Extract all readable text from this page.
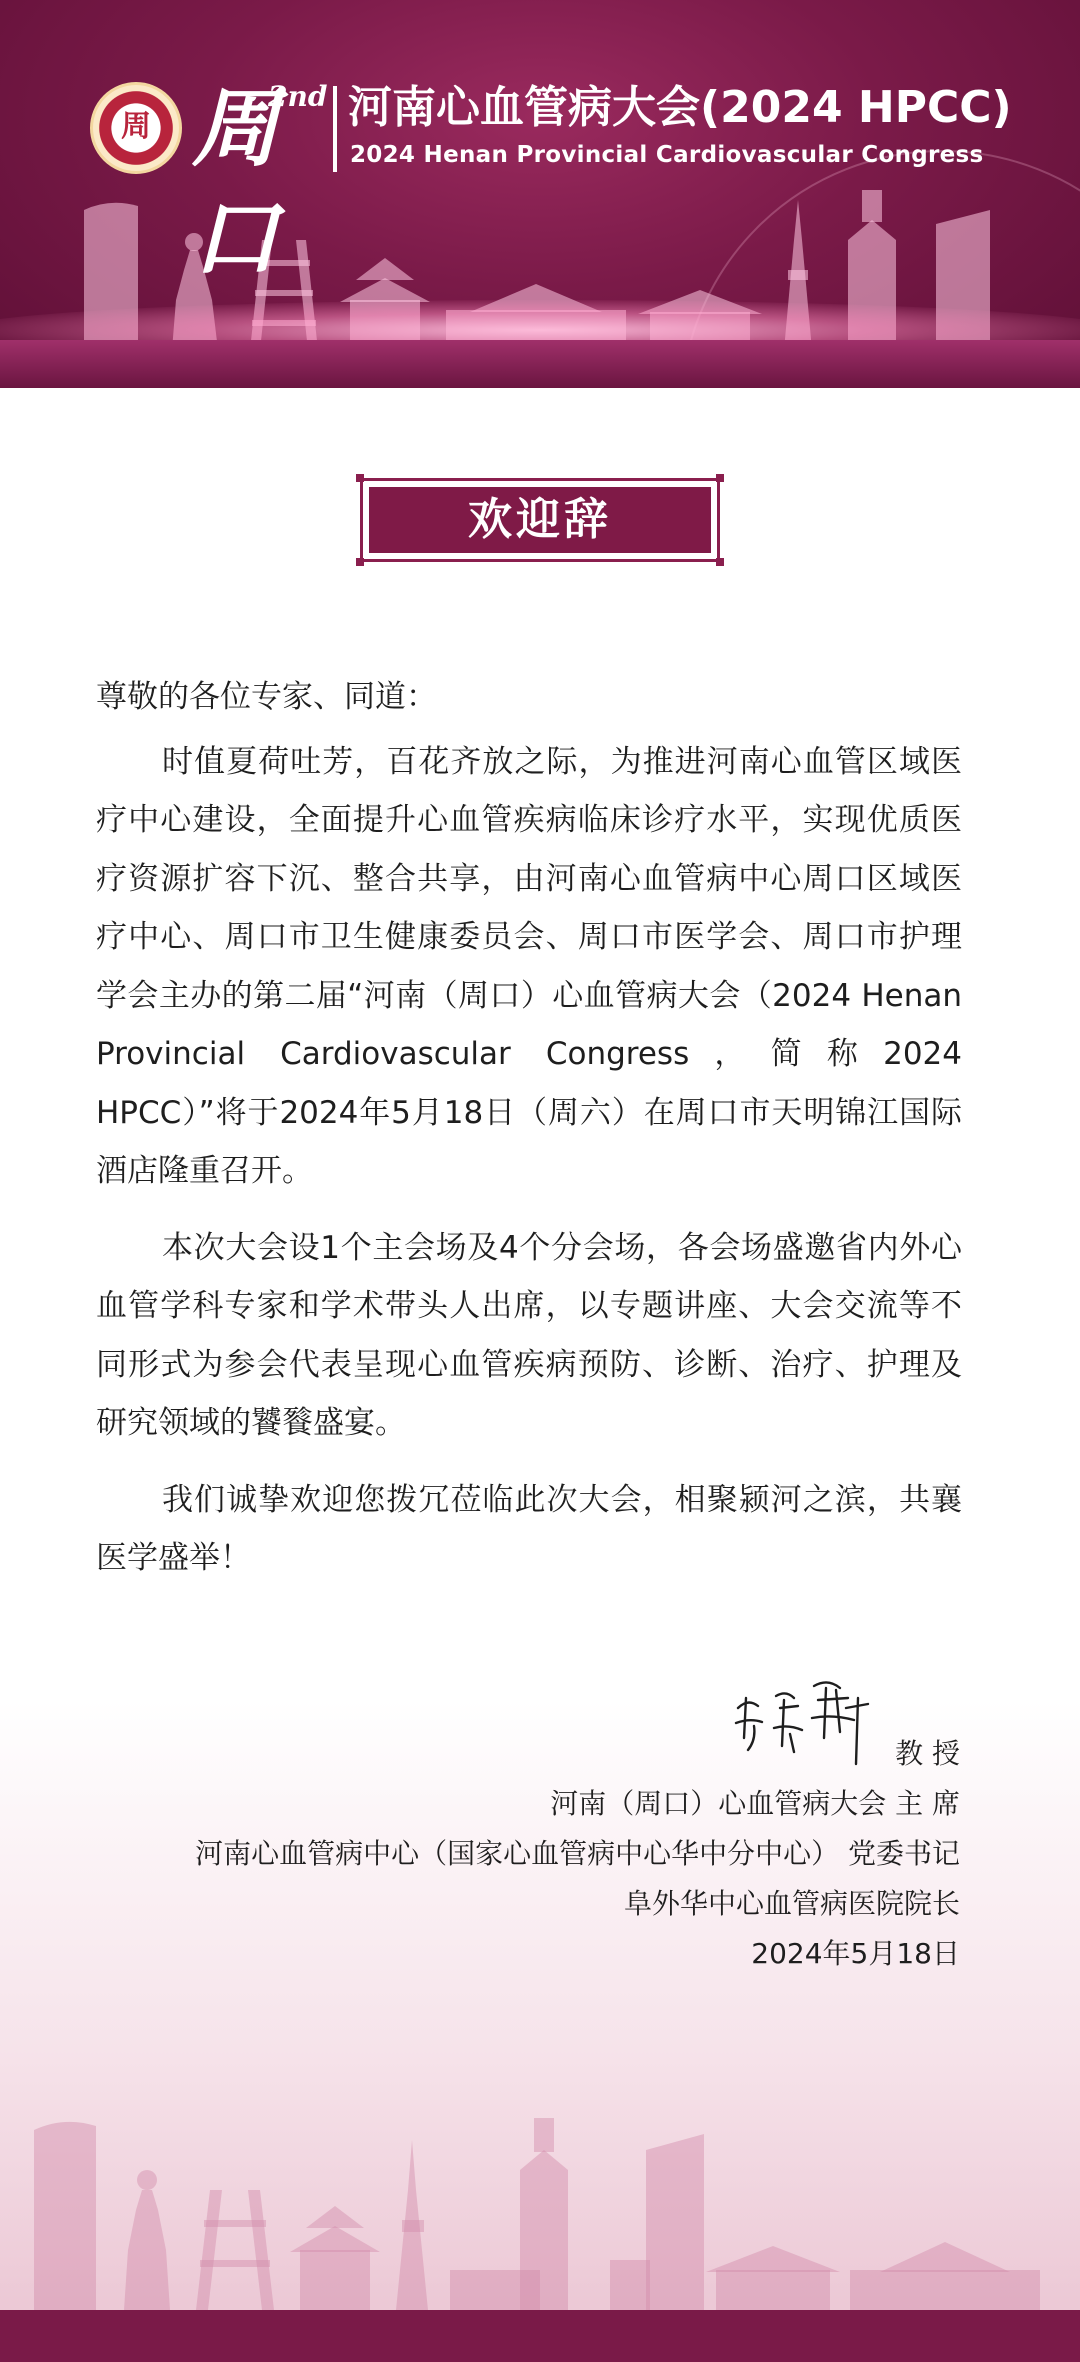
周 周口
2nd 河南心血管病大会(2024 HPCC)
2024 Henan Provincial Cardiovascular Congress
欢迎辞

尊敬的各位专家、同道：

时值夏荷吐芳，百花齐放之际，为推进河南心血管区域医疗中心建设，全面提升心血管疾病临床诊疗水平，实现优质医疗资源扩容下沉、整合共享，由河南心血管病中心周口区域医疗中心、周口市卫生健康委员会、周口市医学会、周口市护理学会主办的第二届“河南（周口）心血管病大会（2024 Henan Provincial Cardiovascular Congress，简称2024 HPCC）”将于2024年5月18日（周六）在周口市天明锦江国际酒店隆重召开。

本次大会设1个主会场及4个分会场，各会场盛邀省内外心血管学科专家和学术带头人出席，以专题讲座、大会交流等不同形式为参会代表呈现心血管疾病预防、诊断、治疗、护理及研究领域的饕餮盛宴。

我们诚挚欢迎您拨冗莅临此次大会，相聚颍河之滨，共襄医学盛举！

教 授
河南（周口）心血管病大会 主 席
河南心血管病中心（国家心血管病中心华中分中心） 党委书记
阜外华中心血管病医院院长
2024年5月18日
